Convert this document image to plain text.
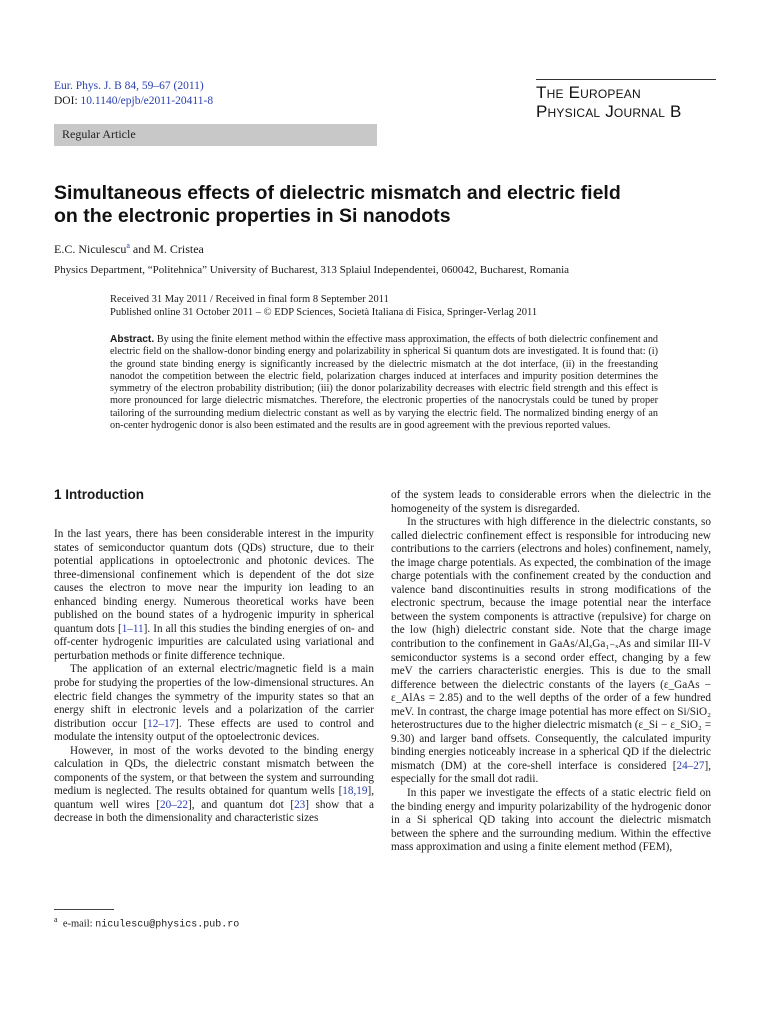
Eur. Phys. J. B 84, 59–67 (2011)
DOI: 10.1140/epjb/e2011-20411-8	The European
Physical Journal B
Regular Article
Simultaneous effects of dielectric mismatch and electric field
on the electronic properties in Si nanodots
E.C. Niculescu$^a$ and M. Cristea
Physics Department, “Politehnica” University of Bucharest, 313 Splaiul Independentei, 060042, Bucharest, Romania
Received 31 May 2011 / Received in final form 8 September 2011
Published online 31 October 2011 – © EDP Sciences, Società Italiana di Fisica, Springer-Verlag 2011
Abstract. By using the finite element method within the effective mass approximation, the effects of both dielectric confinement and electric field on the shallow-donor binding energy and polarizability in spherical Si quantum dots are investigated. It is found that: (i) the ground state binding energy is significantly increased by the dielectric mismatch at the dot interface, (ii) in the freestanding nanodot the competition between the electric field, polarization charges induced at interfaces and impurity position determines the symmetry of the electron probability distribution; (iii) the donor polarizability decreases with electric field strength and this effect is more pronounced for large dielectric mismatches. Therefore, the electronic properties of the nanocrystals could be tuned by proper tailoring of the surrounding medium dielectric constant as well as by varying the electric field. The normalized binding energy of an on-center hydrogenic donor is also been estimated and the results are in good agreement with the previous reported values.
1 Introduction

In the last years, there has been considerable interest in the impurity states of semiconductor quantum dots (QDs) structure, due to their potential applications in optoelectronic and photonic devices. The three-dimensional confinement which is dependent of the dot size causes the electron to move near the impurity ion leading to an enhanced binding energy. Numerous theoretical works have been published on the bound states of a hydrogenic impurity in spherical quantum dots [1–11]. In all this studies the binding energies of on- and off-center hydrogenic impurities are calculated using variational and perturbation methods or finite difference technique.

The application of an external electric/magnetic field is a main probe for studying the properties of the low-dimensional structures. An electric field changes the symmetry of the impurity states so that an energy shift in electronic levels and a polarization of the carrier distribution occur [12–17]. These effects are used to control and modulate the intensity output of the optoelectronic devices.

However, in most of the works devoted to the binding energy calculation in QDs, the dielectric constant mismatch between the components of the system, or that between the system and surrounding medium is neglected. The results obtained for quantum wells [18,19], quantum well wires [20–22], and quantum dot [23] show that a decrease in both the dimensionality and characteristic sizes

of the system leads to considerable errors when the dielectric in the homogeneity of the system is disregarded.

In the structures with high difference in the dielectric constants, so called dielectric confinement effect is responsible for introducing new contributions to the carriers (electrons and holes) confinement, namely, the image charge potentials. As expected, the combination of the image charge potentials with the confinement created by the conduction and valence band discontinuities results in strong modifications of the electronic spectrum, because the image potential near the interface between the system components is attractive (repulsive) for charge on the low (high) dielectric constant side. Note that the charge image contribution to the confinement in GaAs/AlₓGa₁₋ₓAs and similar III-V semiconductor systems is a second order effect, changing by a few meV the carriers characteristic energies. This is due to the small difference between the dielectric constants of the layers (ε_GaAs − ε_AlAs = 2.85) and to the well depths of the order of a few hundred meV. In contrast, the charge image potential has more effect on Si/SiO₂ heterostructures due to the higher dielectric mismatch (ε_Si − ε_SiO₂ = 9.30) and larger band offsets. Consequently, the calculated impurity binding energies noticeably increase in a spherical QD if the dielectric mismatch (DM) at the core-shell interface is considered [24–27], especially for the small dot radii.

In this paper we investigate the effects of a static electric field on the binding energy and impurity polarizability of the hydrogenic donor in a Si spherical QD taking into account the dielectric mismatch between the sphere and the surrounding medium. Within the effective mass approximation and using a finite element method (FEM),

$^a$ e-mail: niculescu@physics.pub.ro
